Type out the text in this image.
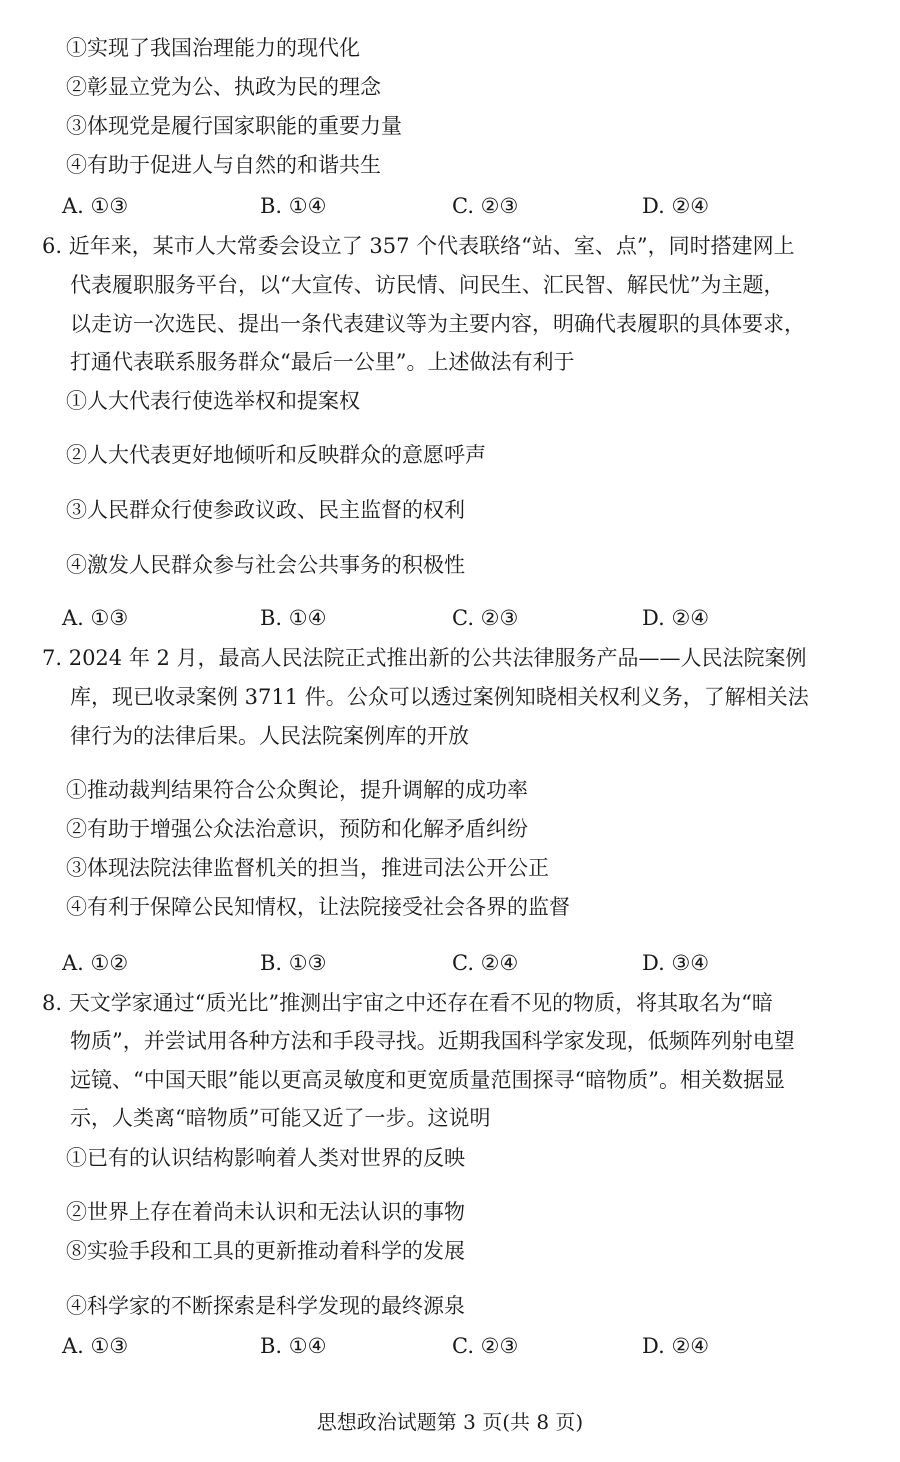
①实现了我国治理能力的现代化
②彰显立党为公、执政为民的理念
③体现党是履行国家职能的重要力量
④有助于促进人与自然的和谐共生
A. ①③	B. ①④	C. ②③	D. ②④
6. 近年来，某市人大常委会设立了 357 个代表联络“站、室、点”，同时搭建网上
代表履职服务平台，以“大宣传、访民情、问民生、汇民智、解民忧”为主题，
以走访一次选民、提出一条代表建议等为主要内容，明确代表履职的具体要求，
打通代表联系服务群众“最后一公里”。上述做法有利于
①人大代表行使选举权和提案权
②人大代表更好地倾听和反映群众的意愿呼声
③人民群众行使参政议政、民主监督的权利
④激发人民群众参与社会公共事务的积极性
A. ①③	B. ①④	C. ②③	D. ②④
7. 2024 年 2 月，最高人民法院正式推出新的公共法律服务产品——人民法院案例
库，现已收录案例 3711 件。公众可以透过案例知晓相关权利义务，了解相关法
律行为的法律后果。人民法院案例库的开放
①推动裁判结果符合公众舆论，提升调解的成功率
②有助于增强公众法治意识，预防和化解矛盾纠纷
③体现法院法律监督机关的担当，推进司法公开公正
④有利于保障公民知情权，让法院接受社会各界的监督
A. ①②	B. ①③	C. ②④	D. ③④
8. 天文学家通过“质光比”推测出宇宙之中还存在看不见的物质，将其取名为“暗
物质”，并尝试用各种方法和手段寻找。近期我国科学家发现，低频阵列射电望
远镜、“中国天眼”能以更高灵敏度和更宽质量范围探寻“暗物质”。相关数据显
示，人类离“暗物质”可能又近了一步。这说明
①已有的认识结构影响着人类对世界的反映
②世界上存在着尚未认识和无法认识的事物
⑧实验手段和工具的更新推动着科学的发展
④科学家的不断探索是科学发现的最终源泉
A. ①③	B. ①④	C. ②③	D. ②④
思想政治试题第 3 页(共 8 页)
